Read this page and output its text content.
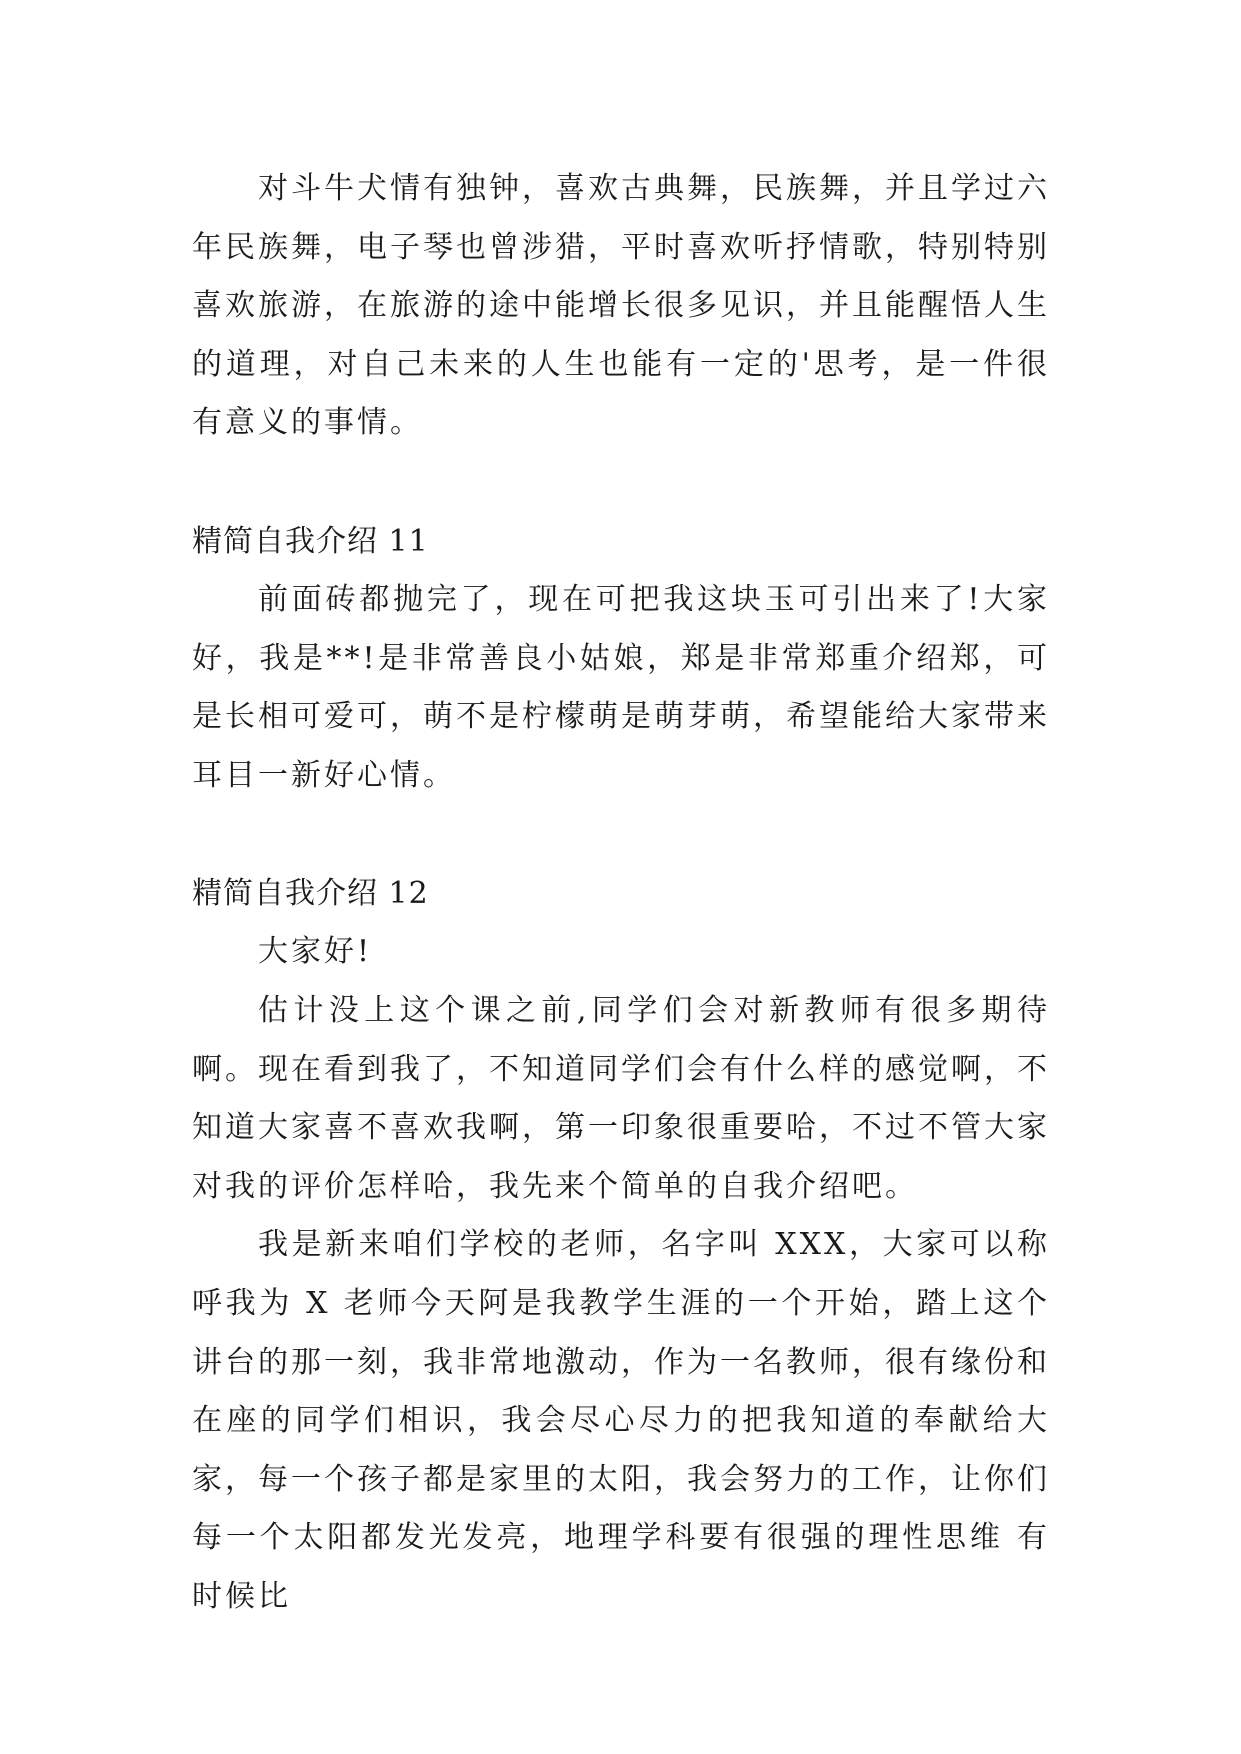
对斗牛犬情有独钟，喜欢古典舞，民族舞，并且学过六年民族舞，电子琴也曾涉猎，平时喜欢听抒情歌，特别特别喜欢旅游，在旅游的途中能增长很多见识，并且能醒悟人生的道理，对自己未来的人生也能有一定的'思考，是一件很有意义的事情。

精简自我介绍 11

前面砖都抛完了，现在可把我这块玉可引出来了!大家好，我是**!是非常善良小姑娘，郑是非常郑重介绍郑，可是长相可爱可，萌不是柠檬萌是萌芽萌，希望能给大家带来耳目一新好心情。

精简自我介绍 12

大家好!

估计没上这个课之前,同学们会对新教师有很多期待啊。现在看到我了，不知道同学们会有什么样的感觉啊，不知道大家喜不喜欢我啊，第一印象很重要哈，不过不管大家对我的评价怎样哈，我先来个简单的自我介绍吧。

我是新来咱们学校的老师，名字叫 XXX，大家可以称呼我为 X 老师今天阿是我教学生涯的一个开始，踏上这个讲台的那一刻，我非常地激动，作为一名教师，很有缘份和在座的同学们相识，我会尽心尽力的把我知道的奉献给大家，每一个孩子都是家里的太阳，我会努力的工作，让你们每一个太阳都发光发亮，地理学科要有很强的理性思维 有时候比
